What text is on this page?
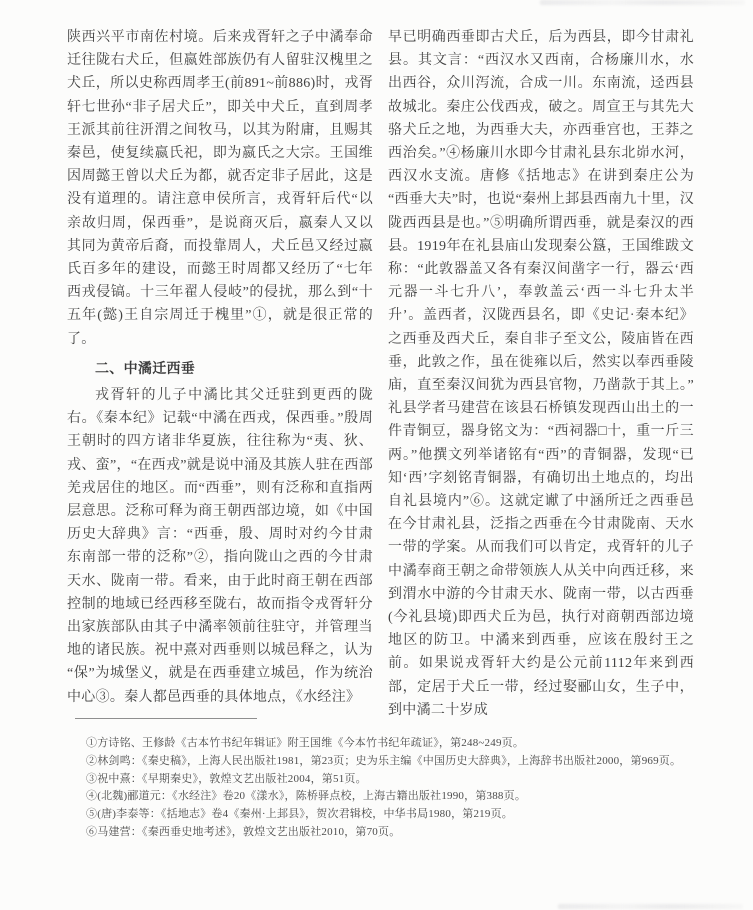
陕西兴平市南佐村境。后来戎胥轩之子中潏奉命迁往陇右犬丘，但嬴姓部族仍有人留驻汉槐里之犬丘，所以史称西周孝王(前891~前886)时，戎胥轩七世孙“非子居犬丘”，即关中犬丘，直到周孝王派其前往汧渭之间牧马，以其为附庸，且赐其秦邑，使复续嬴氏祀，即为嬴氏之大宗。王国维因周懿王曾以犬丘为都，就否定非子居此，这是没有道理的。请注意申侯所言，戎胥轩后代“以亲故归周，保西垂”，是说商灭后，嬴秦人又以其同为黄帝后裔，而投靠周人，犬丘邑又经过嬴氏百多年的建设，而懿王时周都又经历了“七年西戎侵镐。十三年翟人侵岐”的侵扰，那么到“十五年(懿)王自宗周迁于槐里”①，就是很正常的了。

二、中潏迁西垂

戎胥轩的儿子中潏比其父迁驻到更西的陇右。《秦本纪》记载“中潏在西戎，保西垂。”殷周王朝时的四方诸非华夏族，往往称为“夷、狄、戎、蛮”，“在西戎”就是说中涌及其族人驻在西部羌戎居住的地区。而“西垂”，则有泛称和直指两层意思。泛称可释为商王朝西部边境，如《中国历史大辞典》言：“西垂，殷、周时对约今甘肃东南部一带的泛称”②，指向陇山之西的今甘肃天水、陇南一带。看来，由于此时商王朝在西部控制的地域已经西移至陇右，故而指令戎胥轩分出家族部队由其子中潏率领前往驻守，并管理当地的诸民族。祝中熹对西垂则以城邑释之，认为“保”为城堡义，就是在西垂建立城邑，作为统治中心③。秦人都邑西垂的具体地点，《水经注》

早已明确西垂即古犬丘，后为西县，即今甘肃礼县。其文言：“西汉水又西南，合杨廉川水，水出西谷，众川泻流，合成一川。东南流，迳西县故城北。秦庄公伐西戎，破之。周宣王与其先大骆犬丘之地，为西垂大夫，亦西垂宫也，王莽之西治矣。”④杨廉川水即今甘肃礼县东北峁水河，西汉水支流。唐修《括地志》在讲到秦庄公为“西垂大夫”时，也说“秦州上邽县西南九十里，汉陇西西县是也。”⑤明确所谓西垂，就是秦汉的西县。1919年在礼县庙山发现秦公簋，王国维跋文称：“此敦器盖又各有秦汉间凿字一行，器云‘西元器一斗七升八’，奉敦盖云‘西一斗七升太半升’。盖西者，汉陇西县名，即《史记·秦本纪》之西垂及西犬丘，秦自非子至文公，陵庙皆在西垂，此敦之作，虽在徙雍以后，然实以奉西垂陵庙，直至秦汉间犹为西县官物，乃凿款于其上。”礼县学者马建营在该县石桥镇发现西山出土的一件青铜豆，器身铭文为：“西祠器□十，重一斤三两。”他撰文列举诸铭有“西”的青铜器，发现“已知‘西’字刻铭青铜器，有确切出土地点的，均出自礼县境内”⑥。这就定谳了中涵所迁之西垂邑在今甘肃礼县，泛指之西垂在今甘肃陇南、天水一带的学案。从而我们可以肯定，戎胥轩的儿子中潏奉商王朝之命带领族人从关中向西迁移，来到渭水中游的今甘肃天水、陇南一带，以古西垂(今礼县境)即西犬丘为邑，执行对商朝西部边境地区的防卫。中潏来到西垂，应该在殷纣王之前。如果说戎胥轩大约是公元前1112年来到西部，定居于犬丘一带，经过娶郦山女，生子中，到中潏二十岁成

①方诗铭、王修龄《古本竹书纪年辑证》附王国维《今本竹书纪年疏证》，第248~249页。

②林剑鸣：《秦史稿》，上海人民出版社1981，第23页；史为乐主编《中国历史大辞典》，上海辞书出版社2000，第969页。

③祝中熹：《早期秦史》，敦煌文艺出版社2004，第51页。

④(北魏)郦道元：《水经注》卷20《漾水》，陈桥驿点校，上海古籍出版社1990，第388页。

⑤(唐)李泰等：《括地志》卷4《秦州·上邽县》，贺次君辑校，中华书局1980，第219页。

⑥马建营：《秦西垂史地考述》，敦煌文艺出版社2010，第70页。
